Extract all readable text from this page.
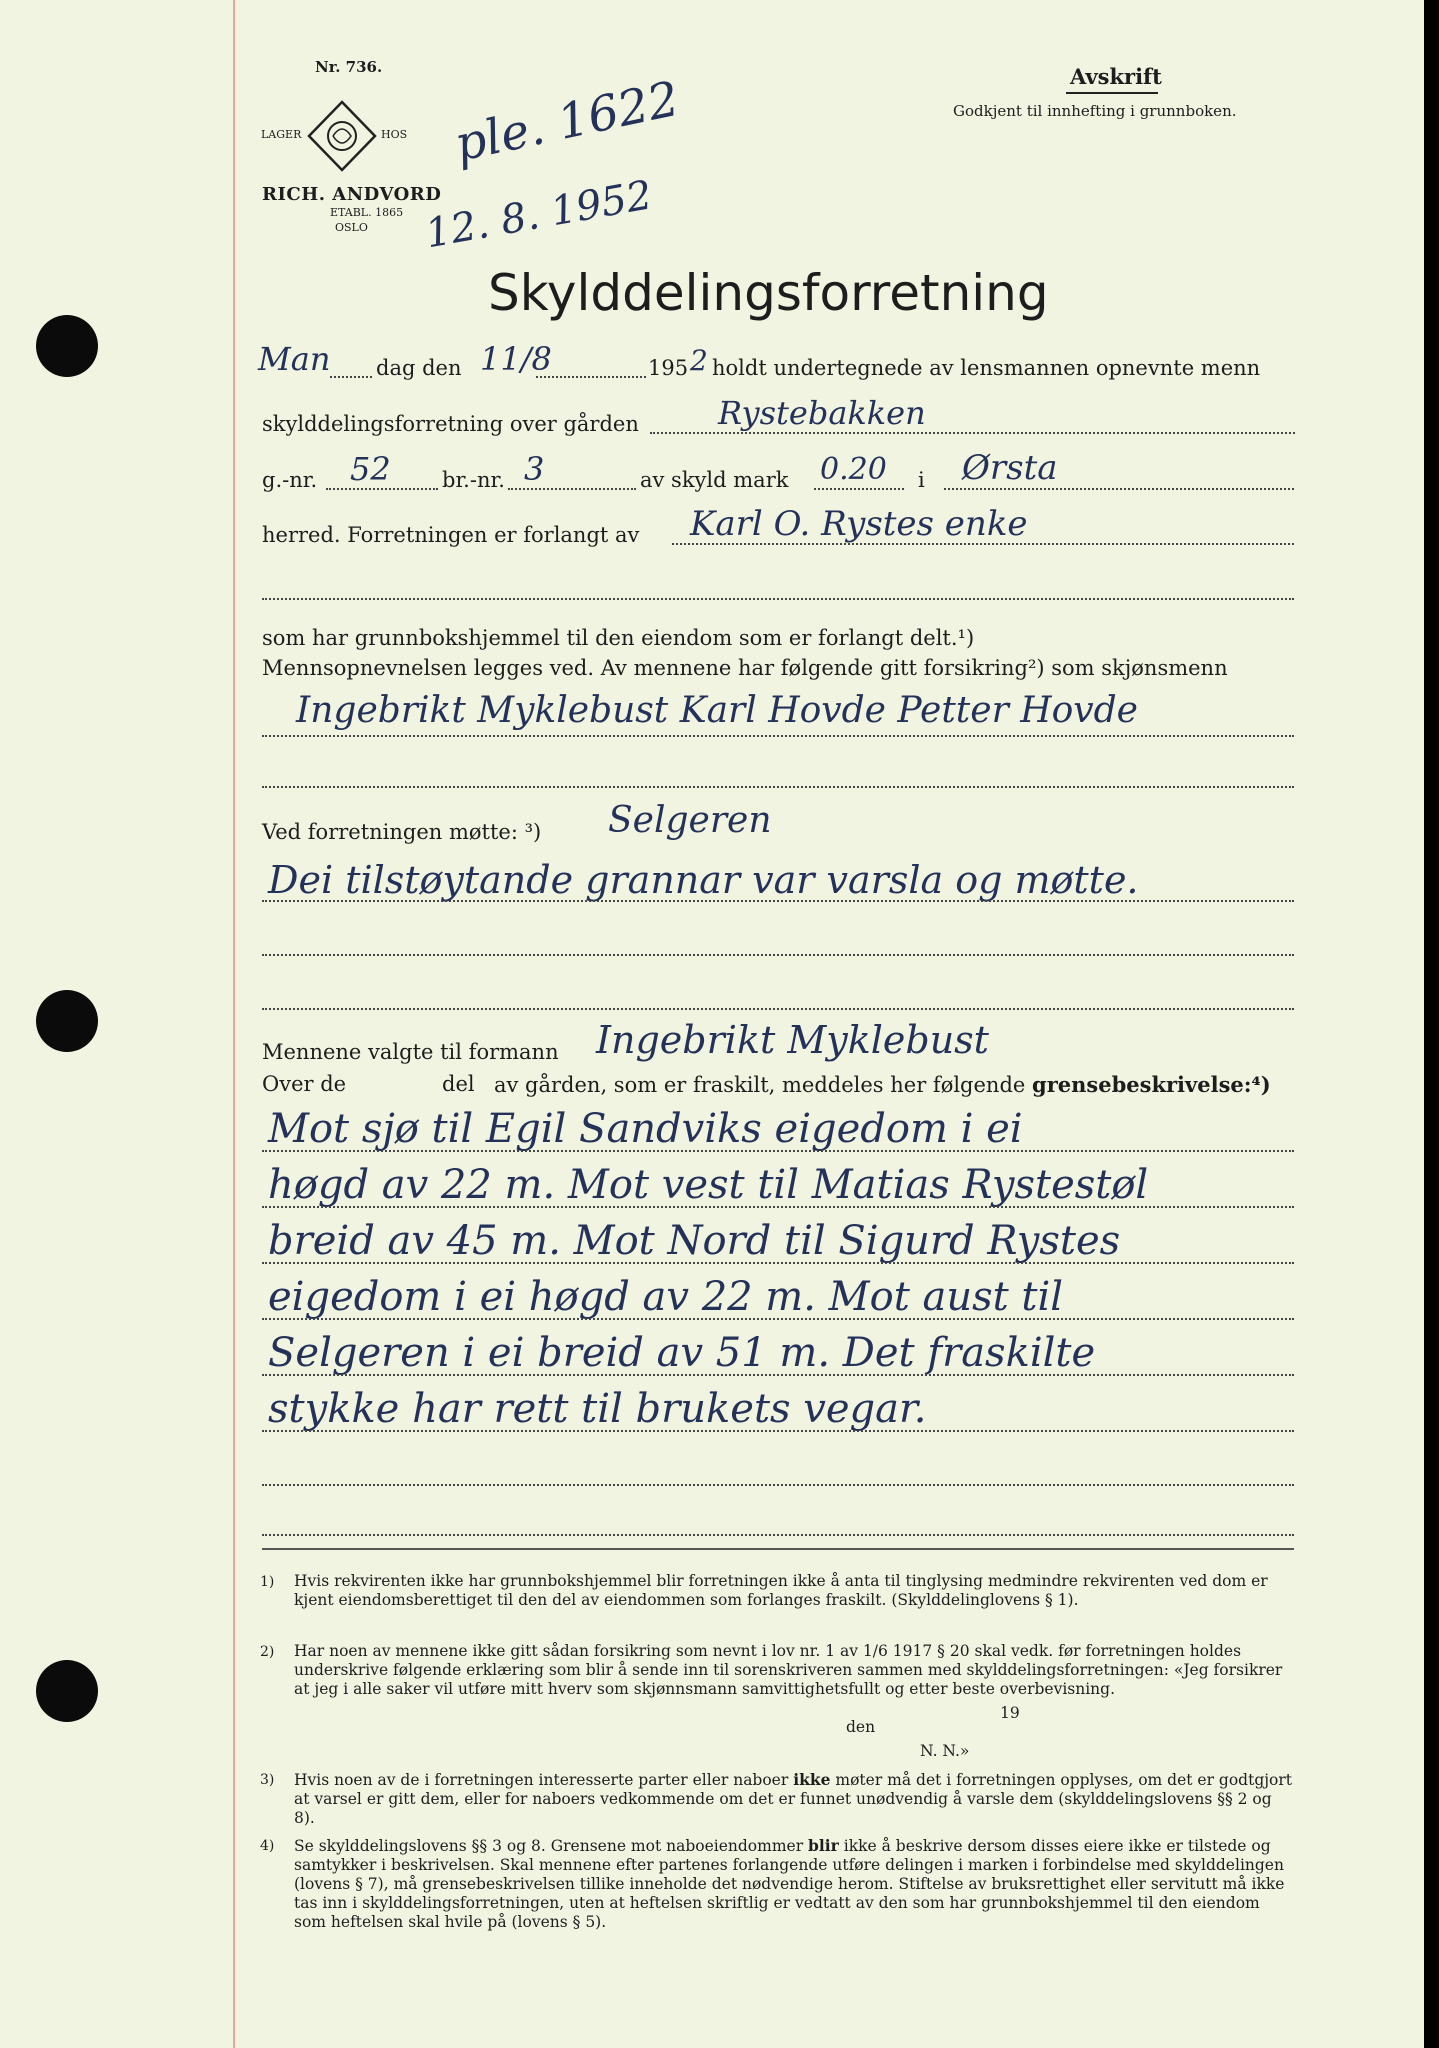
Nr. 736.	Avskrift
Godkjent til innhefting i grunnboken.
LAGER	HOS
RICH. ANDVORD
ETABL. 1865
OSLO
ple. 1622
12. 8. 1952
Skylddelingsforretning
Man dag den 11/8	195 2 holdt undertegnede av lensmannen opnevnte menn
skylddelingsforretning over gården Rystebakken
g.-nr. 52 br.-nr. 3	av skyld mark 0.20 i Ørsta
herred. Forretningen er forlangt av Karl O. Rystes enke
som har grunnbokshjemmel til den eiendom som er forlangt delt.¹)
Mennsopnevnelsen legges ved. Av mennene har følgende gitt forsikring²) som skjønsmenn
Ingebrikt Myklebust Karl Hovde Petter Hovde
Ved forretningen møtte: ³) Selgeren
Dei tilstøytande grannar var varsla og møtte.
Mennene valgte til formann Ingebrikt Myklebust
Over de	del av gården, som er fraskilt, meddeles her følgende grensebeskrivelse:⁴)
Mot sjø til Egil Sandviks eigedom i ei
høgd av 22 m. Mot vest til Matias Rystestøl
breid av 45 m. Mot Nord til Sigurd Rystes
eigedom i ei høgd av 22 m. Mot aust til
Selgeren i ei breid av 51 m. Det fraskilte
stykke har rett til brukets vegar.
1) Hvis rekvirenten ikke har grunnbokshjemmel blir forretningen ikke å anta til tinglysing medmindre rekvirenten ved dom er kjent eiendomsberettiget til den del av eiendommen som forlanges fraskilt. (Skylddelinglovens § 1).
2) Har noen av mennene ikke gitt sådan forsikring som nevnt i lov nr. 1 av 1/6 1917 § 20 skal vedk. før forretningen holdes underskrive følgende erklæring som blir å sende inn til sorenskriveren sammen med skylddelingsforretningen: «Jeg forsikrer at jeg i alle saker vil utføre mitt hverv som skjønnsmann samvittighetsfullt og etter beste overbevisning.
den
19
N. N.»
3) Hvis noen av de i forretningen interesserte parter eller naboer ikke møter må det i forretningen opplyses, om det er godtgjort at varsel er gitt dem, eller for naboers vedkommende om det er funnet unødvendig å varsle dem (skylddelingslovens §§ 2 og 8).
4) Se skylddelingslovens §§ 3 og 8. Grensene mot naboeiendommer blir ikke å beskrive dersom disses eiere ikke er tilstede og samtykker i beskrivelsen. Skal mennene efter partenes forlangende utføre delingen i marken i forbindelse med skylddelingen (lovens § 7), må grensebeskrivelsen tillike inneholde det nødvendige herom. Stiftelse av bruksrettighet eller servitutt må ikke tas inn i skylddelingsforretningen, uten at heftelsen skriftlig er vedtatt av den som har grunnbokshjemmel til den eiendom som heftelsen skal hvile på (lovens § 5).
